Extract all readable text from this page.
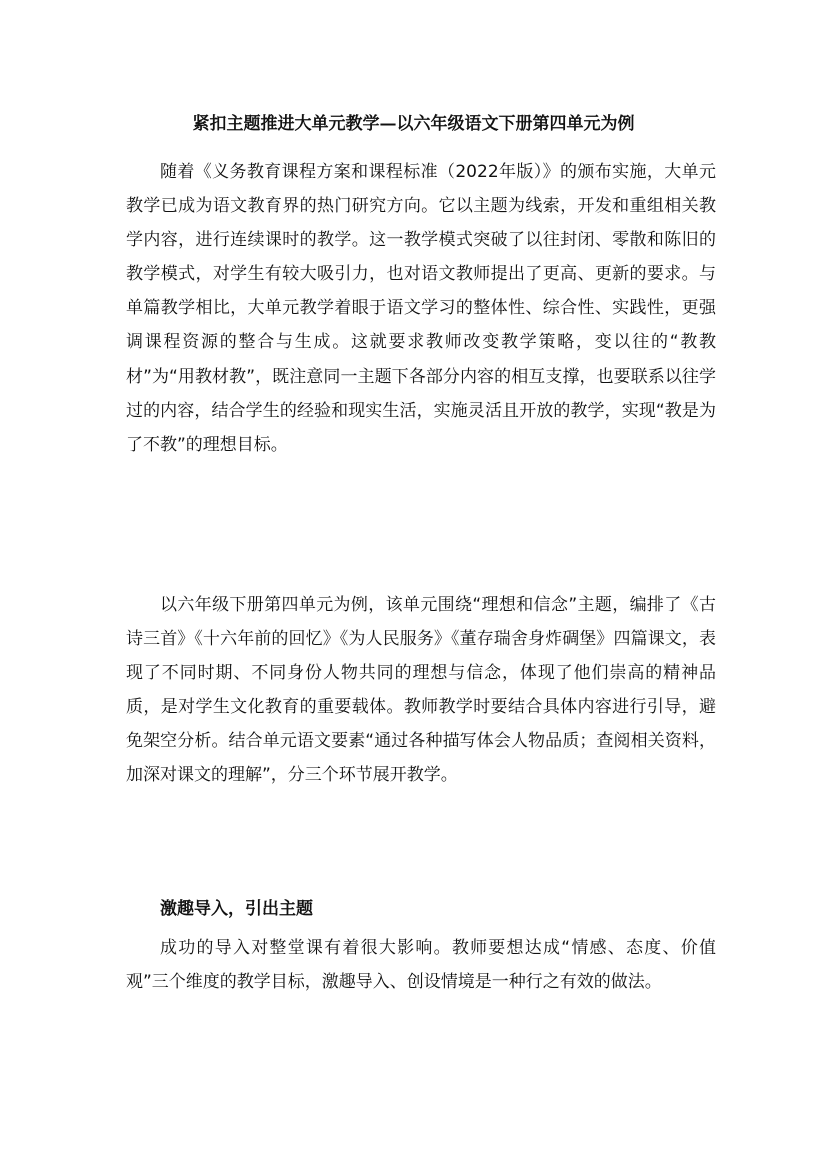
紧扣主题推进大单元教学—以六年级语文下册第四单元为例

随着《义务教育课程方案和课程标准（2022年版）》的颁布实施，大单元教学已成为语文教育界的热门研究方向。它以主题为线索，开发和重组相关教学内容，进行连续课时的教学。这一教学模式突破了以往封闭、零散和陈旧的教学模式，对学生有较大吸引力，也对语文教师提出了更高、更新的要求。与单篇教学相比，大单元教学着眼于语文学习的整体性、综合性、实践性，更强调课程资源的整合与生成。这就要求教师改变教学策略，变以往的“教教材”为“用教材教”，既注意同一主题下各部分内容的相互支撑，也要联系以往学过的内容，结合学生的经验和现实生活，实施灵活且开放的教学，实现“教是为了不教”的理想目标。

以六年级下册第四单元为例，该单元围绕“理想和信念”主题，编排了《古诗三首》《十六年前的回忆》《为人民服务》《董存瑞舍身炸碉堡》四篇课文，表现了不同时期、不同身份人物共同的理想与信念，体现了他们崇高的精神品质，是对学生文化教育的重要载体。教师教学时要结合具体内容进行引导，避免架空分析。结合单元语文要素“通过各种描写体会人物品质；查阅相关资料，加深对课文的理解”，分三个环节展开教学。

激趣导入，引出主题

成功的导入对整堂课有着很大影响。教师要想达成“情感、态度、价值观”三个维度的教学目标，激趣导入、创设情境是一种行之有效的做法。
